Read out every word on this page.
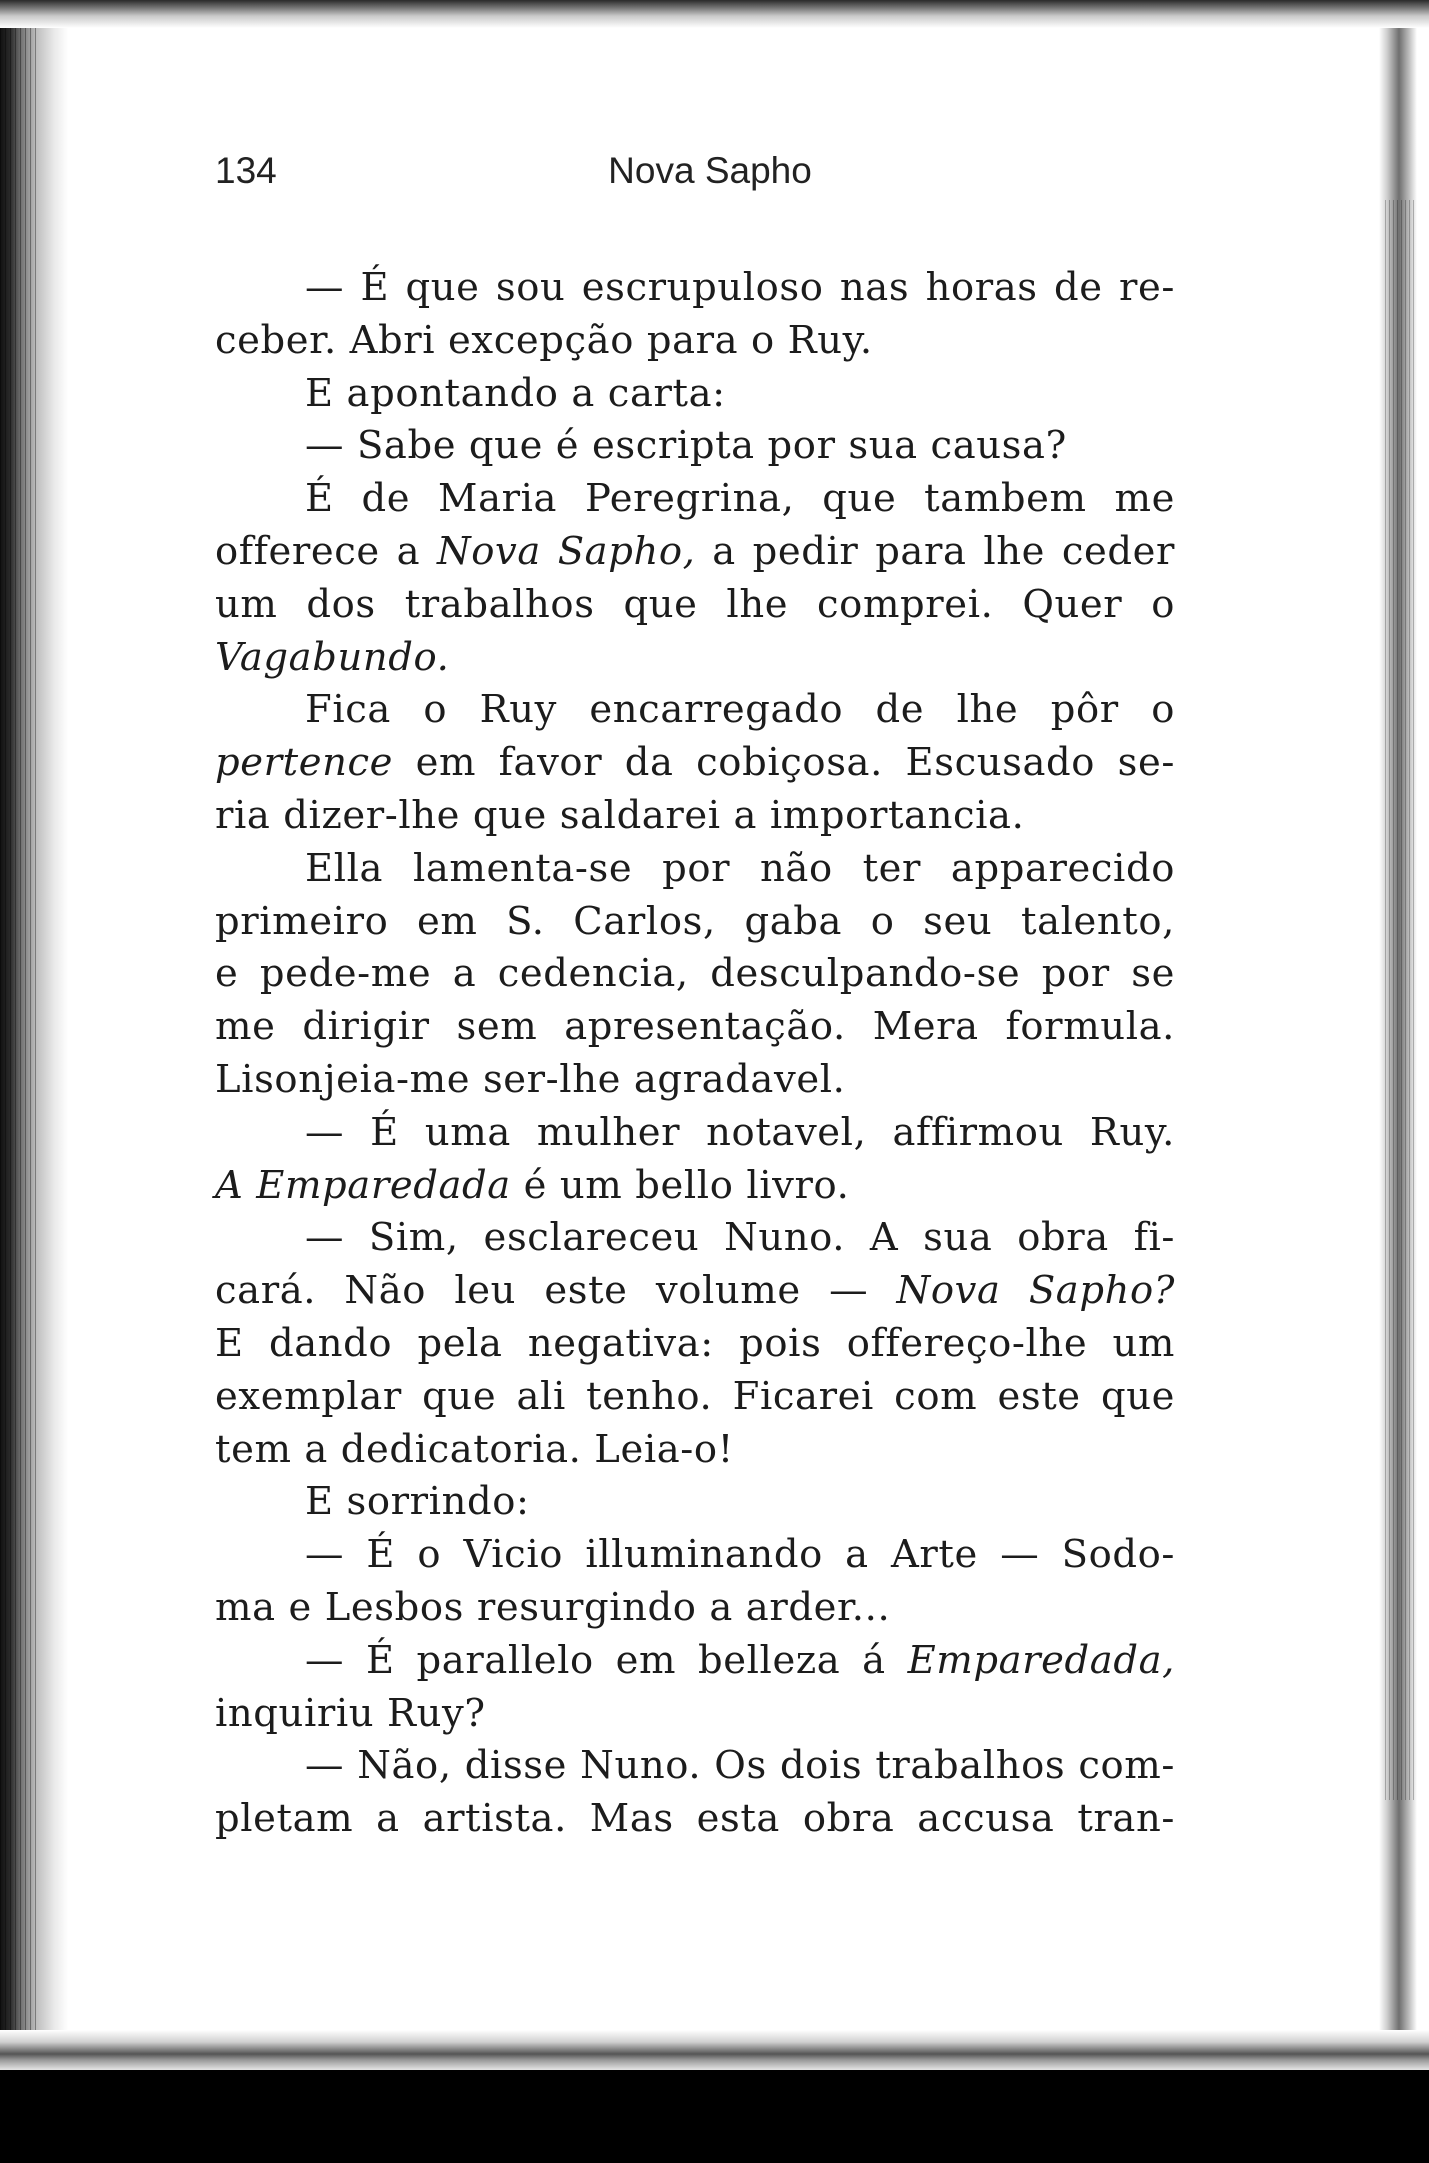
134	Nova Sapho
— É que sou escrupuloso nas horas de re-
ceber. Abri excepção para o Ruy.
E apontando a carta:
— Sabe que é escripta por sua causa?
É de Maria Peregrina, que tambem me
offerece a Nova Sapho, a pedir para lhe ceder
um dos trabalhos que lhe comprei. Quer o
Vagabundo.
Fica o Ruy encarregado de lhe pôr o
pertence em favor da cobiçosa. Escusado se-
ria dizer-lhe que saldarei a importancia.
Ella lamenta-se por não ter apparecido
primeiro em S. Carlos, gaba o seu talento,
e pede-me a cedencia, desculpando-se por se
me dirigir sem apresentação. Mera formula.
Lisonjeia-me ser-lhe agradavel.
— É uma mulher notavel, affirmou Ruy.
A Emparedada é um bello livro.
— Sim, esclareceu Nuno. A sua obra fi-
cará. Não leu este volume — Nova Sapho?
E dando pela negativa: pois offereço-lhe um
exemplar que ali tenho. Ficarei com este que
tem a dedicatoria. Leia-o!
E sorrindo:
— É o Vicio illuminando a Arte — Sodo-
ma e Lesbos resurgindo a arder...
— É parallelo em belleza á Emparedada,
inquiriu Ruy?
— Não, disse Nuno. Os dois trabalhos com-
pletam a artista. Mas esta obra accusa tran-
